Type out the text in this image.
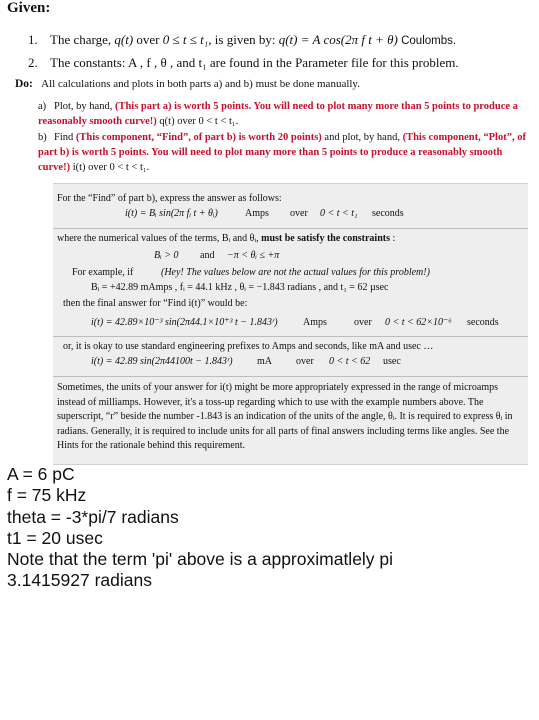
Given:
1. The charge, q(t) over 0 ≤ t ≤ t₁, is given by: q(t) = A cos(2π f t + θ) Coulombs.
2. The constants: A , f , θ , and t₁ are found in the Parameter file for this problem.
Do: All calculations and plots in both parts a) and b) must be done manually.
a) Plot, by hand, (This part a) is worth 5 points. You will need to plot many more than 5 points to produce a reasonably smooth curve!) q(t) over 0 < t < t₁.
b) Find (This component, “Find”, of part b) is worth 20 points) and plot, by hand, (This component, “Plot”, of part b) is worth 5 points. You will need to plot many more than 5 points to produce a reasonably smooth curve!) i(t) over 0 < t < t₁.
For the “Find” of part b), express the answer as follows:
i(t) = Bᵢ sin(2π fᵢ t + θᵢ)	Amps over 0 < t < t₁ seconds
where the numerical values of the terms, Bᵢ and θᵢ, must be satisfy the constraints :
Bᵢ > 0 and −π < θᵢ ≤ +π
For example, if	(Hey! The values below are not the actual values for this problem!)
Bᵢ = +42.89 mAmps , fᵢ = 44.1 kHz , θᵢ = −1.843 radians , and t₁ = 62 µsec
then the final answer for “Find i(t)” would be:
i(t) = 42.89×10⁻³ sin(2π44.1×10⁺³ t − 1.843ʳ)	Amps	over 0 < t < 62×10⁻⁶ seconds
or, it is okay to use standard engineering prefixes to Amps and seconds, like mA and usec …
i(t) = 42.89 sin(2π44100t − 1.843ʳ) mA over 0 < t < 62 usec
Sometimes, the units of your answer for i(t) might be more appropriately expressed in the range of microamps instead of milliamps. However, it's a toss-up regarding which to use with the example numbers above. The superscript, “r” beside the number -1.843 is an indication of the units of the angle, θᵢ. It is required to express θᵢ in radians. Generally, it is required to include units for all parts of final answers including terms like angles. See the Hints for the rationale behind this requirement.
A = 6 pC
f = 75 kHz
theta = -3*pi/7 radians
t1 = 20 usec
Note that the term 'pi' above is a approximatlely pi
3.1415927 radians
